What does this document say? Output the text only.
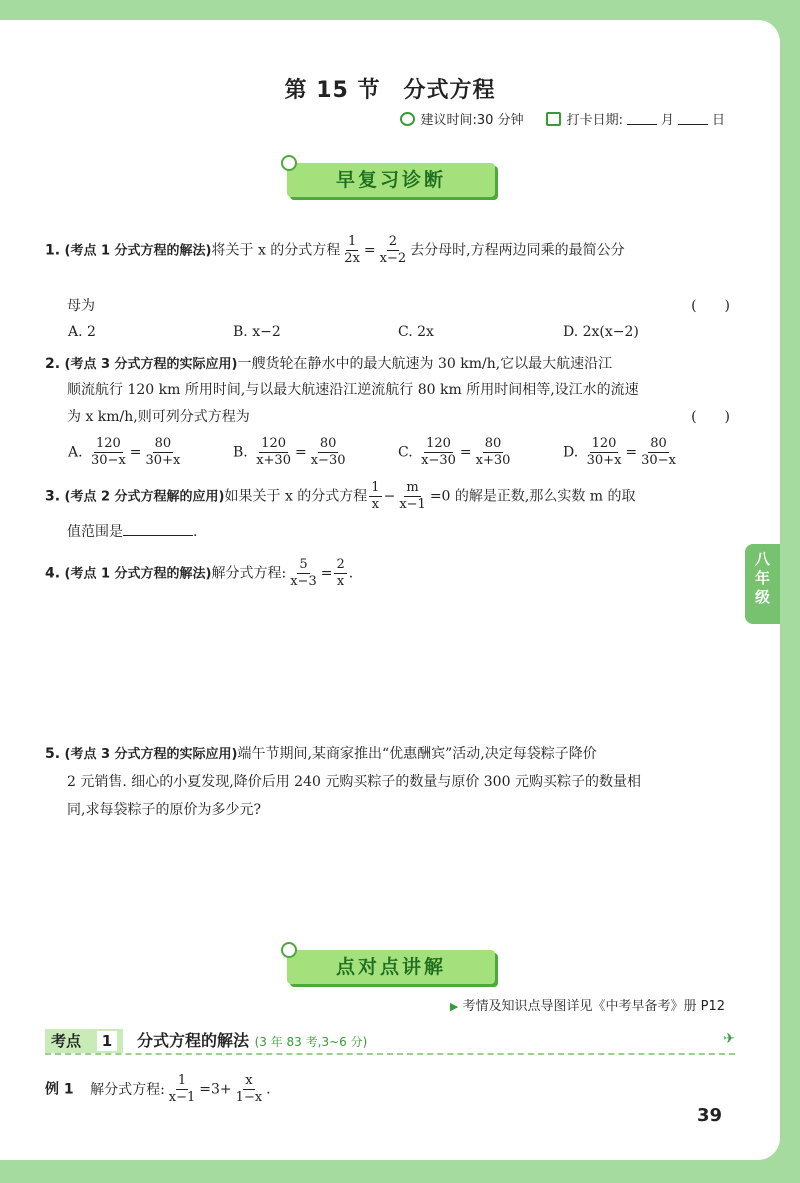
第 15 节　分式方程
建议时间:30 分钟	打卡日期:	月	日
早复习诊断
1. (考点 1 分式方程的解法)将关于 x 的分式方程 $\frac{1}{2x} = \frac{2}{x-2}$ 去分母时,方程两边同乘的最简公分
母为	(　　)
A. 2	B. x−2	C. 2x	D. 2x(x−2)
2. (考点 3 分式方程的实际应用)一艘货轮在静水中的最大航速为 30 km/h,它以最大航速沿江
顺流航行 120 km 所用时间,与以最大航速沿江逆流航行 80 km 所用时间相等,设江水的流速
为 x km/h,则可列分式方程为	(　　)
A. $\frac{120}{30-x} = \frac{80}{30+x}$	B. $\frac{120}{x+30} = \frac{80}{x-30}$	C. $\frac{120}{x-30} = \frac{80}{x+30}$	D. $\frac{120}{30+x} = \frac{80}{30-x}$
3. (考点 2 分式方程解的应用)如果关于 x 的分式方程 $\frac{1}{x} - \frac{m}{x-1} =0$ 的解是正数,那么实数 m 的取
值范围是	.
4. (考点 1 分式方程的解法)解分式方程: $\frac{5}{x-3} = \frac{2}{x}$ .
5. (考点 3 分式方程的实际应用)端午节期间,某商家推出“优惠酬宾”活动,决定每袋粽子降价
2 元销售. 细心的小夏发现,降价后用 240 元购买粽子的数量与原价 300 元购买粽子的数量相
同,求每袋粽子的原价为多少元?
点对点讲解
▶ 考情及知识点导图详见《中考早备考》册 P12
考点	1 分式方程的解法 (3 年 83 考,3~6 分)	✈
例 1 解分式方程: $\frac{1}{x-1} =3+ \frac{x}{1-x}$ .
39
八
年
级
